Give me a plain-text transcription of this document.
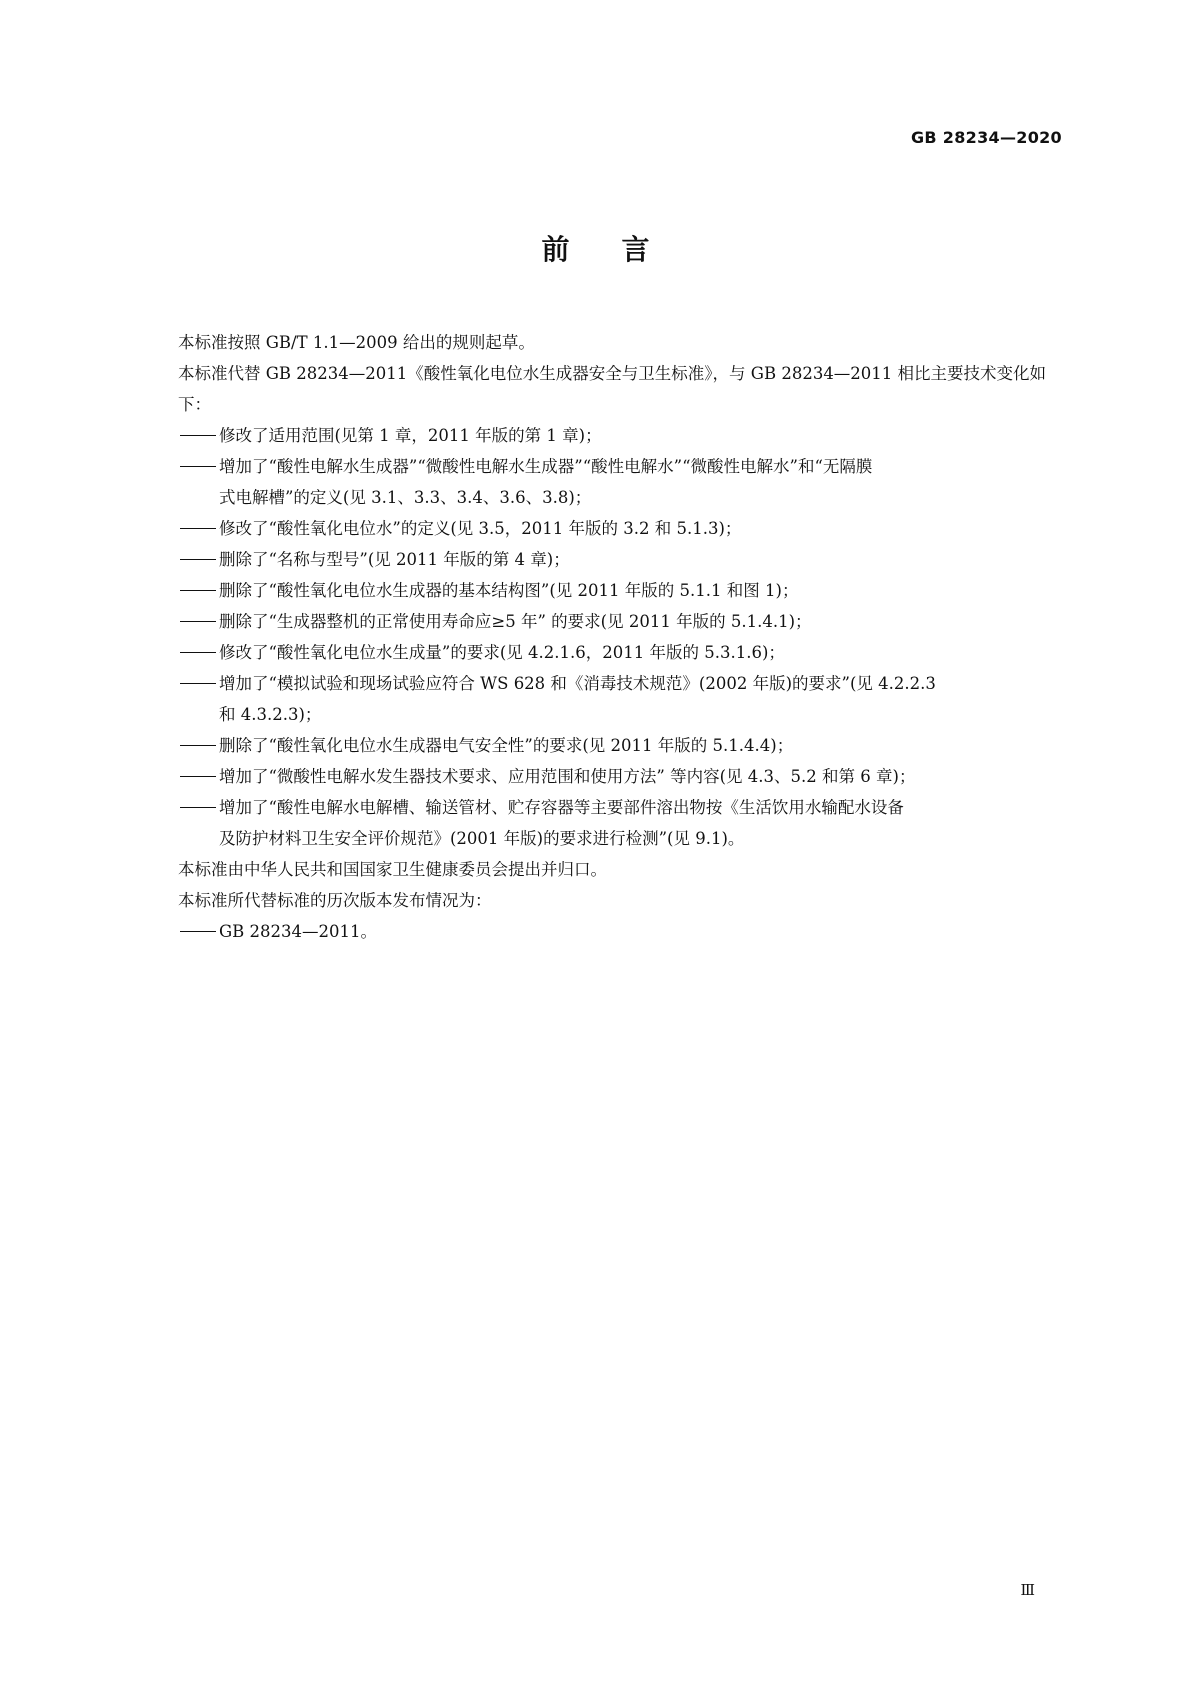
GB 28234—2020
前言

本标准按照 GB/T 1.1—2009 给出的规则起草。

本标准代替 GB 28234—2011《酸性氧化电位水生成器安全与卫生标准》，与 GB 28234—2011 相比主要技术变化如下：

修改了适用范围(见第 1 章，2011 年版的第 1 章)；
增加了“酸性电解水生成器”“微酸性电解水生成器”“酸性电解水”“微酸性电解水”和“无隔膜
式电解槽”的定义(见 3.1、3.3、3.4、3.6、3.8)；
修改了“酸性氧化电位水”的定义(见 3.5，2011 年版的 3.2 和 5.1.3)；
删除了“名称与型号”(见 2011 年版的第 4 章)；
删除了“酸性氧化电位水生成器的基本结构图”(见 2011 年版的 5.1.1 和图 1)；
删除了“生成器整机的正常使用寿命应≥5 年” 的要求(见 2011 年版的 5.1.4.1)；
修改了“酸性氧化电位水生成量”的要求(见 4.2.1.6，2011 年版的 5.3.1.6)；
增加了“模拟试验和现场试验应符合 WS 628 和《消毒技术规范》(2002 年版)的要求”(见 4.2.2.3
和 4.3.2.3)；
删除了“酸性氧化电位水生成器电气安全性”的要求(见 2011 年版的 5.1.4.4)；
增加了“微酸性电解水发生器技术要求、应用范围和使用方法” 等内容(见 4.3、5.2 和第 6 章)；
增加了“酸性电解水电解槽、输送管材、贮存容器等主要部件溶出物按《生活饮用水输配水设备
及防护材料卫生安全评价规范》(2001 年版)的要求进行检测”(见 9.1)。

本标准由中华人民共和国国家卫生健康委员会提出并归口。

本标准所代替标准的历次版本发布情况为：

GB 28234—2011。
Ⅲ
